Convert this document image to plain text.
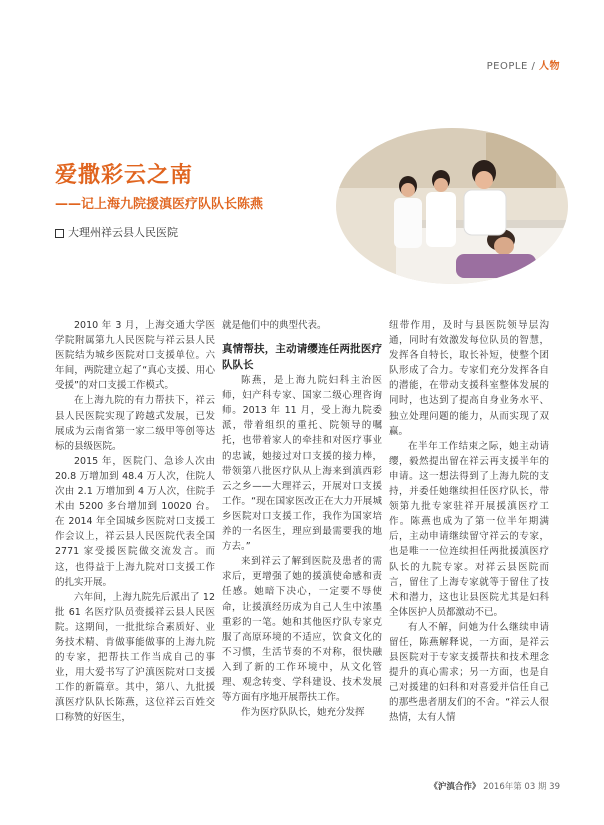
PEOPLE / 人物
爱撒彩云之南
——记上海九院援滇医疗队队长陈燕
大理州祥云县人民医院

2010 年 3 月，上海交通大学医学院附属第九人民医院与祥云县人民医院结为城乡医院对口支援单位。六年间，两院建立起了“真心支援、用心受援”的对口支援工作模式。

在上海九院的有力帮扶下，祥云县人民医院实现了跨越式发展，已发展成为云南省第一家二级甲等创等达标的县级医院。

2015 年，医院门、急诊人次由 20.8 万增加到 48.4 万人次，住院人次由 2.1 万增加到 4 万人次，住院手术由 5200 多台增加到 10020 台。在 2014 年全国城乡医院对口支援工作会议上，祥云县人民医院代表全国 2771 家受援医院做交流发言。而这，也得益于上海九院对口支援工作的扎实开展。

六年间，上海九院先后派出了 12 批 61 名医疗队员赍援祥云县人民医院。这期间，一批批综合素质好、业务技术精、肯做事能做事的上海九院的专家，把帮扶工作当成自己的事业，用大爱书写了沪滇医院对口支援工作的新篇章。其中，第八、九批援滇医疗队队长陈燕，这位祥云百姓交口称赞的好医生，

就是他们中的典型代表。

真情帮扶，主动请缨连任两批医疗队队长

陈燕，是上海九院妇科主治医师，妇产科专家、国家二级心理咨询师。2013 年 11 月，受上海九院委派，带着组织的重托、院领导的嘱托，也带着家人的牵挂和对医疗事业的忠诚，她接过对口支援的接力棒，带领第八批医疗队从上海来到滇西彩云之乡——大理祥云，开展对口支援工作。“现在国家医改正在大力开展城乡医院对口支援工作，我作为国家培养的一名医生，理应到最需要我的地方去。”

来到祥云了解到医院及患者的需求后，更增强了她的援滇使命感和责任感。她暗下决心，一定要不辱使命，让援滇经历成为自己人生中浓墨重彩的一笔。她和其他医疗队专家克服了高原环境的不适应，饮食文化的不习惯，生活节奏的不对称，很快融入到了新的工作环境中，从文化管理、观念转变、学科建设、技术发展等方面有序地开展帮扶工作。

作为医疗队队长，她充分发挥

纽带作用，及时与县医院领导层沟通，同时有效激发每位队员的智慧，发挥各自特长，取长补短，使整个团队形成了合力。专家们充分发挥各自的潜能，在带动支援科室整体发展的同时，也达到了提高自身业务水平、独立处理问题的能力，从而实现了双赢。

在半年工作结束之际，她主动请缨，毅然提出留在祥云再支援半年的申请。这一想法得到了上海九院的支持，并委任她继续担任医疗队长，带领第九批专家驻祥开展援滇医疗工作。陈燕也成为了第一位半年期满后，主动申请继续留守祥云的专家，也是唯一一位连续担任两批援滇医疗队长的九院专家。对祥云县医院而言，留住了上海专家就等于留住了技术和潜力，这也让县医院尤其是妇科全体医护人员都激动不已。

有人不解，问她为什么继续申请留任，陈燕解释说，一方面，是祥云县医院对于专家支援帮扶和技术理念提升的真心需求；另一方面，也是自己对援建的妇科和对喜爱并信任自己的那些患者朋友们的不舍。“祥云人很热情，太有人情

《沪滇合作》 2016年第 03 期 39
